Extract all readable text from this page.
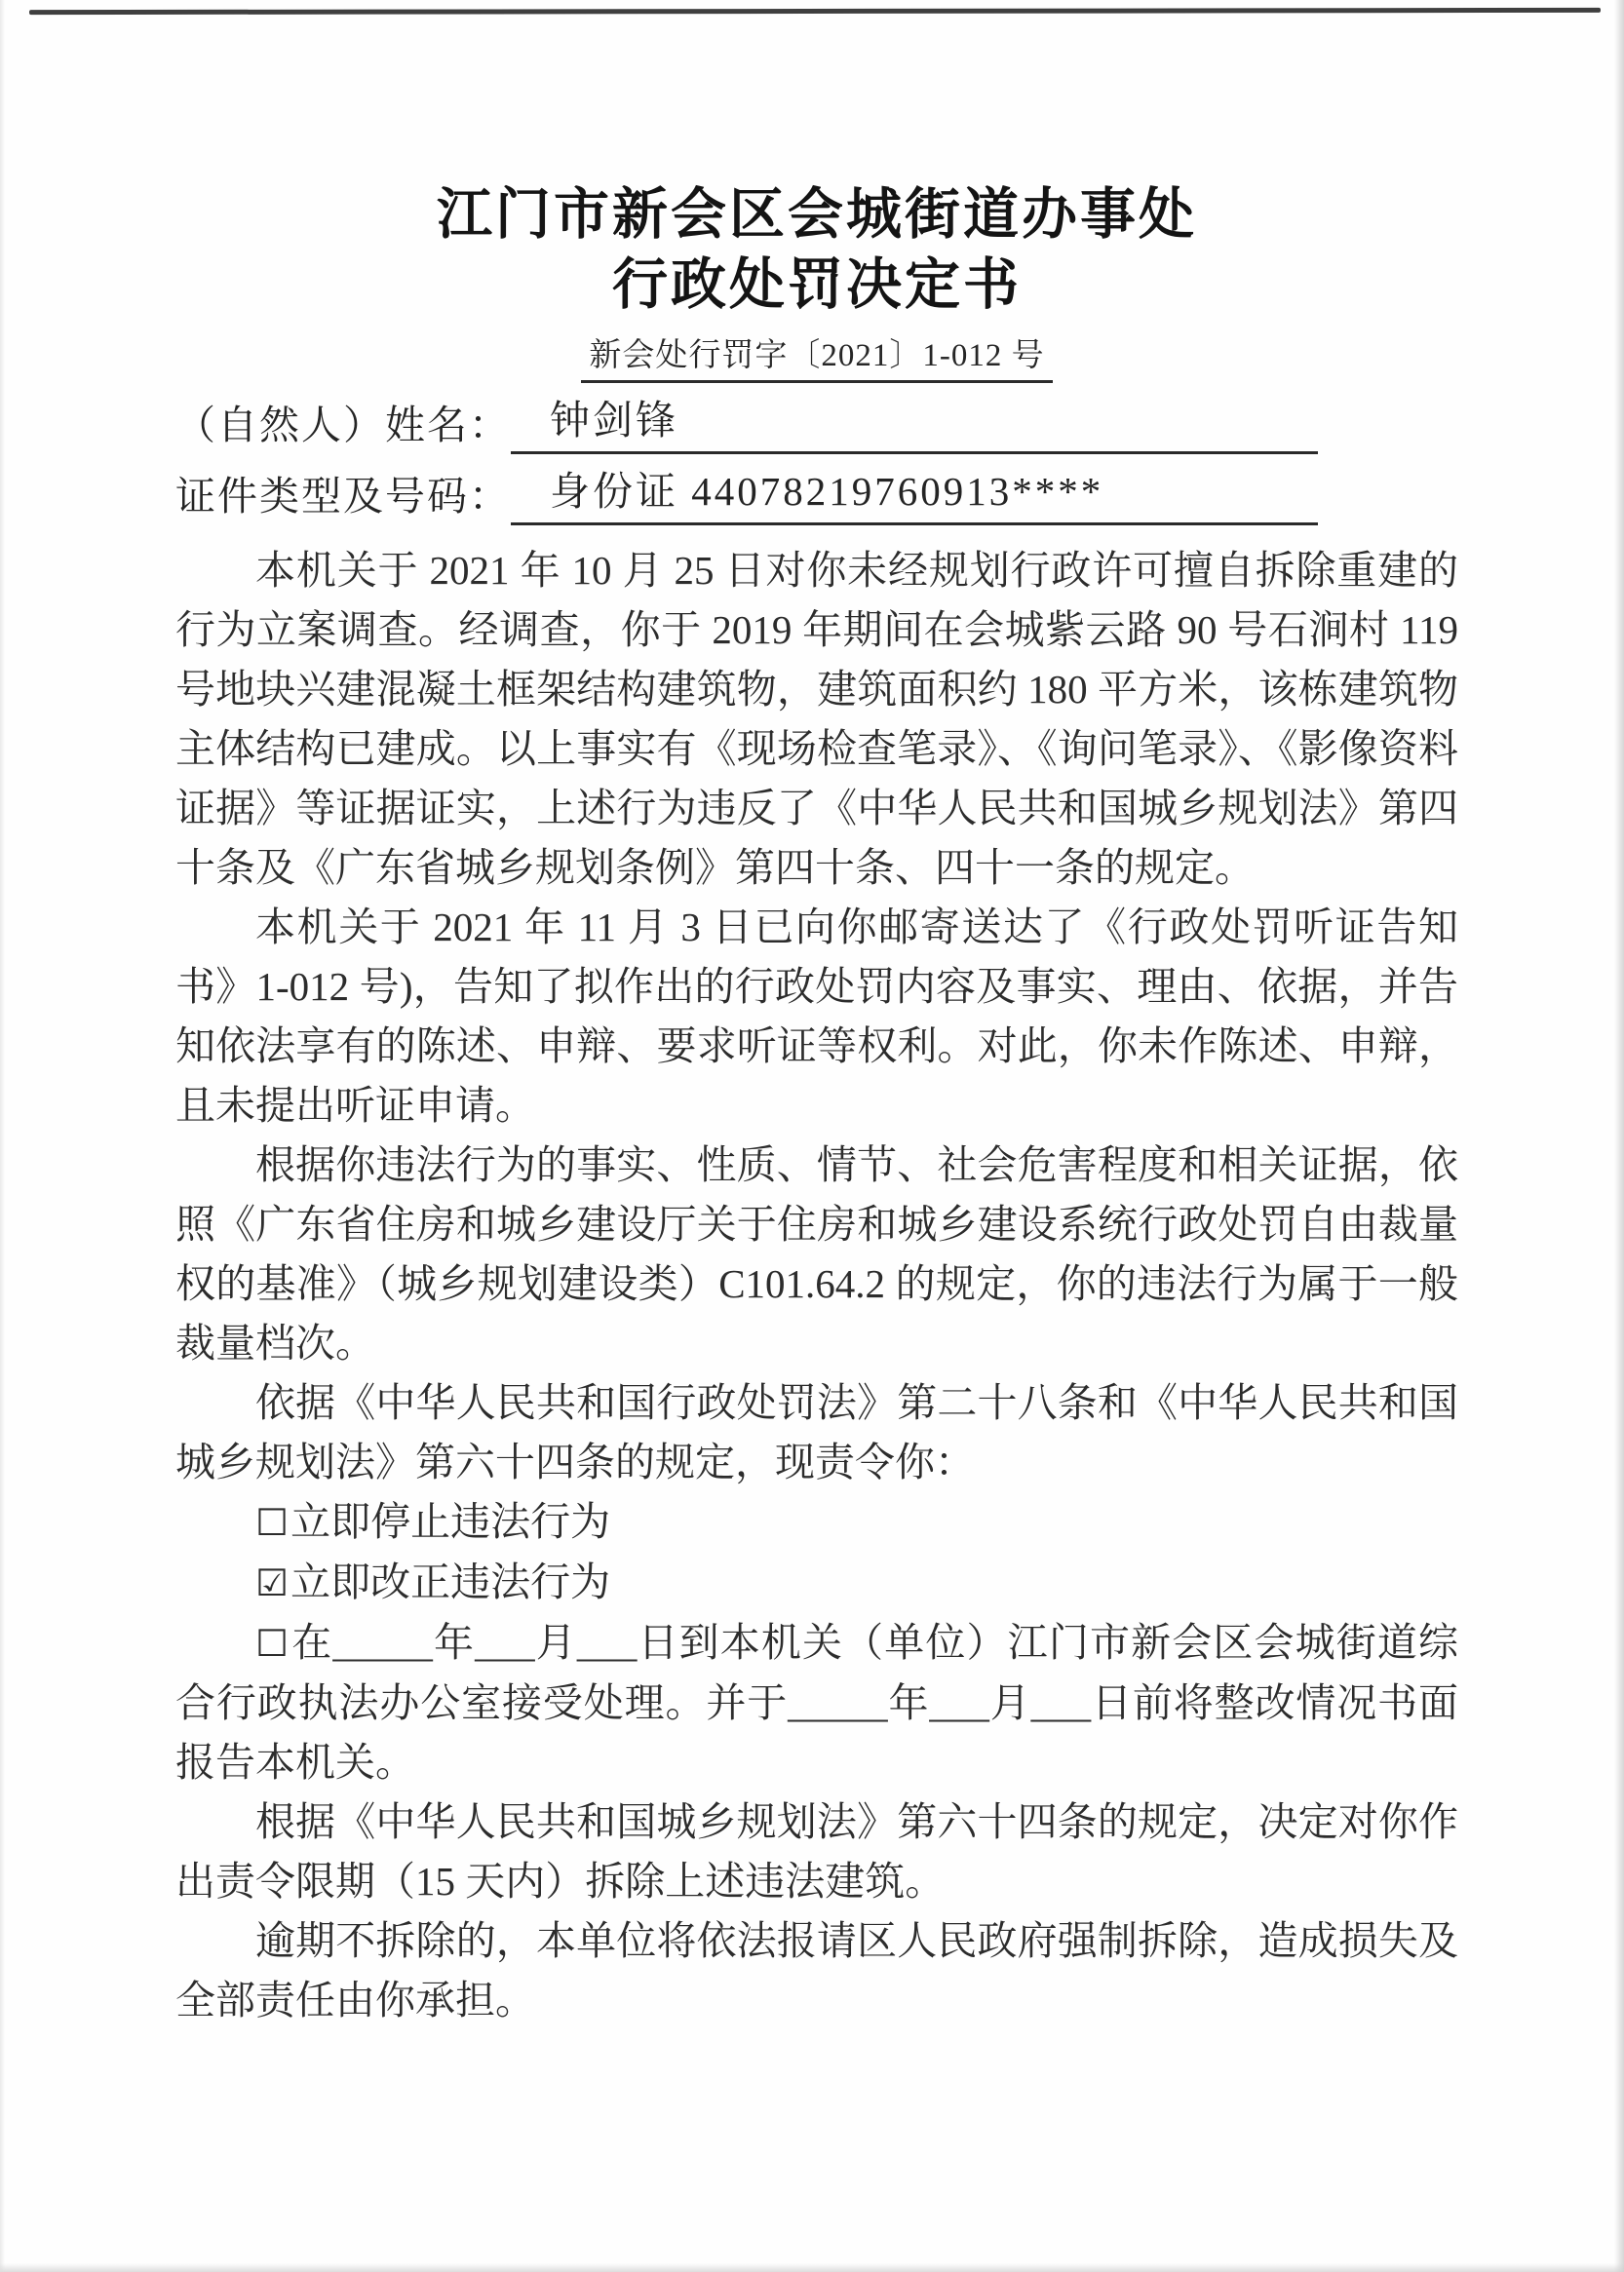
江门市新会区会城街道办事处
行政处罚决定书
新会处行罚字〔2021〕1-012 号
（自然人）姓名： 钟剑锋
证件类型及号码： 身份证 44078219760913****

本机关于 2021 年 10 月 25 日对你未经规划行政许可擅自拆除重建的行为立案调查。经调查，你于 2019 年期间在会城紫云路 90 号石涧村 119 号地块兴建混凝土框架结构建筑物，建筑面积约 180 平方米，该栋建筑物主体结构已建成。以上事实有《现场检查笔录》、《询问笔录》、《影像资料证据》等证据证实，上述行为违反了《中华人民共和国城乡规划法》第四十条及《广东省城乡规划条例》第四十条、四十一条的规定。

本机关于 2021 年 11 月 3 日已向你邮寄送达了《行政处罚听证告知书》1-012 号)，告知了拟作出的行政处罚内容及事实、理由、依据，并告知依法享有的陈述、申辩、要求听证等权利。对此，你未作陈述、申辩，且未提出听证申请。

根据你违法行为的事实、性质、情节、社会危害程度和相关证据，依照《广东省住房和城乡建设厅关于住房和城乡建设系统行政处罚自由裁量权的基准》（城乡规划建设类）C101.64.2 的规定，你的违法行为属于一般裁量档次。

依据《中华人民共和国行政处罚法》第二十八条和《中华人民共和国城乡规划法》第六十四条的规定，现责令你：

☐立即停止违法行为
☑立即改正违法行为

☐在_____年___月___日到本机关（单位）江门市新会区会城街道综合行政执法办公室接受处理。并于_____年___月___日前将整改情况书面报告本机关。

根据《中华人民共和国城乡规划法》第六十四条的规定，决定对你作出责令限期（15 天内）拆除上述违法建筑。

逾期不拆除的，本单位将依法报请区人民政府强制拆除，造成损失及全部责任由你承担。
